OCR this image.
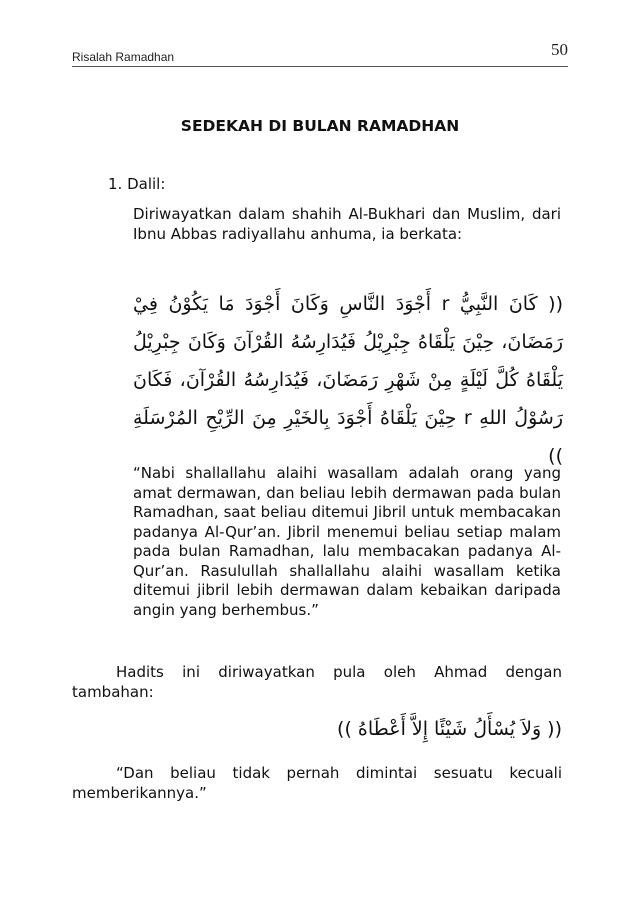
Risalah Ramadhan	50
SEDEKAH DI BULAN RAMADHAN
1. Dalil:
Diriwayatkan dalam shahih Al-Bukhari dan Muslim, dari Ibnu Abbas radiyallahu anhuma, ia berkata:
(( كَانَ النَّبِيُّ r أَجْوَدَ النَّاسِ وَكَانَ أَجْوَدَ مَا يَكُوْنُ فِيْ رَمَضَانَ، حِيْنَ يَلْقَاهُ جِبْرِيْلُ فَيُدَارِسُهُ القُرْآنَ وَكَانَ جِبْرِيْلُ يَلْقَاهُ كُلَّ لَيْلَةٍ مِنْ شَهْرِ رَمَضَانَ، فَيُدَارِسُهُ القُرْآنَ، فَكَانَ رَسُوْلُ اللهِ r حِيْنَ يَلْقَاهُ أَجْوَدَ بِالخَيْرِ مِنَ الرِّيْحِ المُرْسَلَةِ ))
“Nabi shallallahu alaihi wasallam adalah orang yang amat dermawan, dan beliau lebih dermawan pada bulan Ramadhan, saat beliau ditemui Jibril untuk membacakan padanya Al-Qur’an. Jibril menemui beliau setiap malam pada bulan Ramadhan, lalu membacakan padanya Al-Qur’an. Rasulullah shallallahu alaihi wasallam ketika ditemui jibril lebih dermawan dalam kebaikan daripada angin yang berhembus.”
Hadits ini diriwayatkan pula oleh Ahmad dengan tambahan:
(( وَلاَ يُسْأَلُ شَيْئًا إِلاَّ أَعْطَاهُ ))
“Dan beliau tidak pernah dimintai sesuatu kecuali memberikannya.”
